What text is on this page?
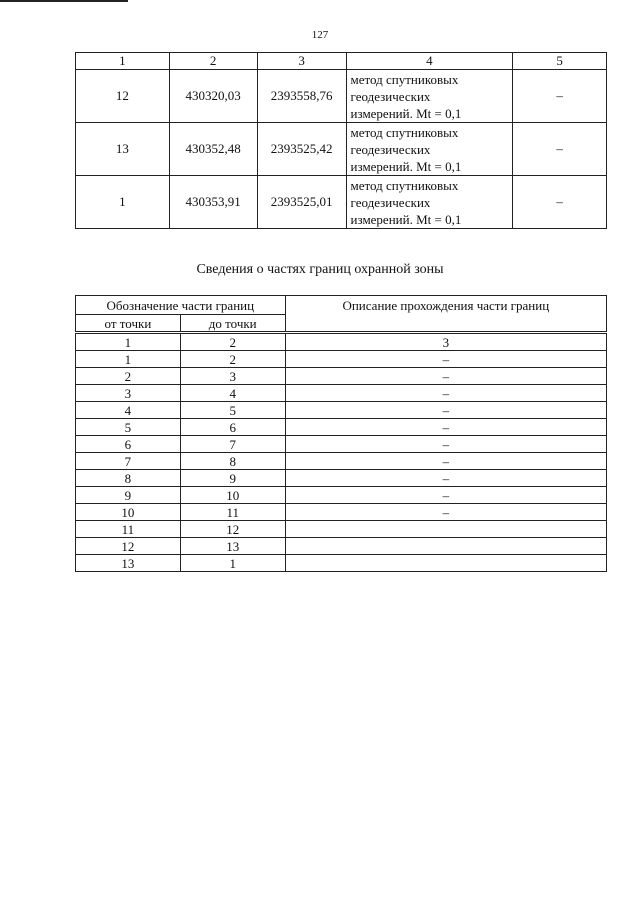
127
1	2	3	4	5
12	430320,03	2393558,76	метод спутниковых
геодезических
измерений. Mt = 0,1	–
13	430352,48	2393525,42	метод спутниковых
геодезических
измерений. Mt = 0,1	–
1	430353,91	2393525,01	метод спутниковых
геодезических
измерений. Mt = 0,1	–
Сведения о частях границ охранной зоны
Обозначение части границ		Описание прохождения части границ
от точки	до точки	
1	2	3
1	2	–
2	3	–
3	4	–
4	5	–
5	6	–
6	7	–
7	8	–
8	9	–
9	10	–
10	11	–
11	12	
12	13	
13	1	
